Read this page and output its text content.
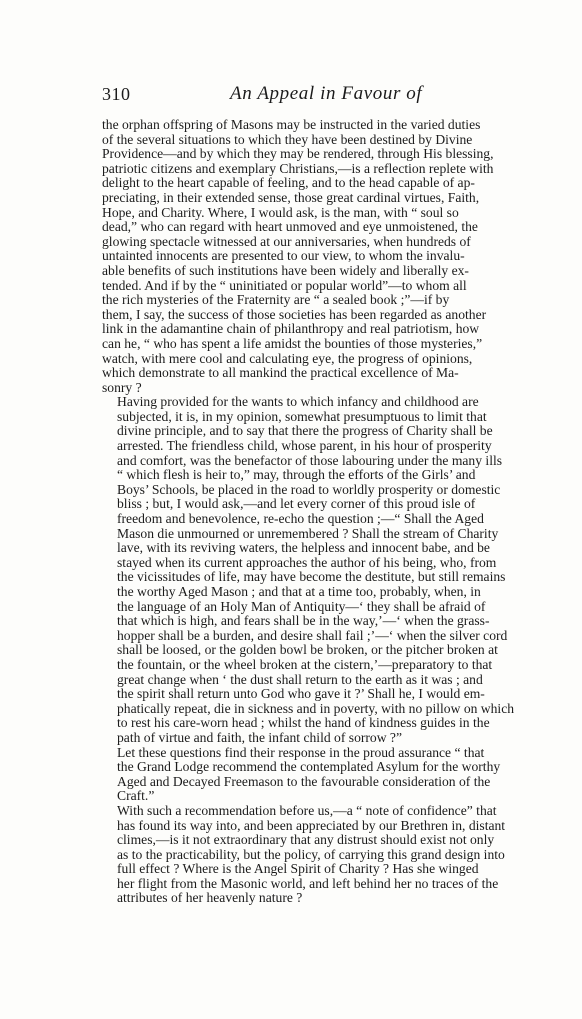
310	An Appeal in Favour of
the orphan offspring of Masons may be instructed in the varied duties
of the several situations to which they have been destined by Divine
Providence—and by which they may be rendered, through His blessing,
patriotic citizens and exemplary Christians,—is a reflection replete with
delight to the heart capable of feeling, and to the head capable of ap-
preciating, in their extended sense, those great cardinal virtues, Faith,
Hope, and Charity. Where, I would ask, is the man, with “ soul so
dead,” who can regard with heart unmoved and eye unmoistened, the
glowing spectacle witnessed at our anniversaries, when hundreds of
untainted innocents are presented to our view, to whom the invalu-
able benefits of such institutions have been widely and liberally ex-
tended. And if by the “ uninitiated or popular world”—to whom all
the rich mysteries of the Fraternity are “ a sealed book ;”—if by
them, I say, the success of those societies has been regarded as another
link in the adamantine chain of philanthropy and real patriotism, how
can he, “ who has spent a life amidst the bounties of those mysteries,”
watch, with mere cool and calculating eye, the progress of opinions,
which demonstrate to all mankind the practical excellence of Ma-
sonry ?
Having provided for the wants to which infancy and childhood are
subjected, it is, in my opinion, somewhat presumptuous to limit that
divine principle, and to say that there the progress of Charity shall be
arrested. The friendless child, whose parent, in his hour of prosperity
and comfort, was the benefactor of those labouring under the many ills
“ which flesh is heir to,” may, through the efforts of the Girls’ and
Boys’ Schools, be placed in the road to worldly prosperity or domestic
bliss ; but, I would ask,—and let every corner of this proud isle of
freedom and benevolence, re-echo the question ;—“ Shall the Aged
Mason die unmourned or unremembered ? Shall the stream of Charity
lave, with its reviving waters, the helpless and innocent babe, and be
stayed when its current approaches the author of his being, who, from
the vicissitudes of life, may have become the destitute, but still remains
the worthy Aged Mason ; and that at a time too, probably, when, in
the language of an Holy Man of Antiquity—‘ they shall be afraid of
that which is high, and fears shall be in the way,’—‘ when the grass-
hopper shall be a burden, and desire shall fail ;’—‘ when the silver cord
shall be loosed, or the golden bowl be broken, or the pitcher broken at
the fountain, or the wheel broken at the cistern,’—preparatory to that
great change when ‘ the dust shall return to the earth as it was ; and
the spirit shall return unto God who gave it ?’ Shall he, I would em-
phatically repeat, die in sickness and in poverty, with no pillow on which
to rest his care-worn head ; whilst the hand of kindness guides in the
path of virtue and faith, the infant child of sorrow ?”
Let these questions find their response in the proud assurance “ that
the Grand Lodge recommend the contemplated Asylum for the worthy
Aged and Decayed Freemason to the favourable consideration of the
Craft.”
With such a recommendation before us,—a “ note of confidence” that
has found its way into, and been appreciated by our Brethren in, distant
climes,—is it not extraordinary that any distrust should exist not only
as to the practicability, but the policy, of carrying this grand design into
full effect ? Where is the Angel Spirit of Charity ? Has she winged
her flight from the Masonic world, and left behind her no traces of the
attributes of her heavenly nature ?
